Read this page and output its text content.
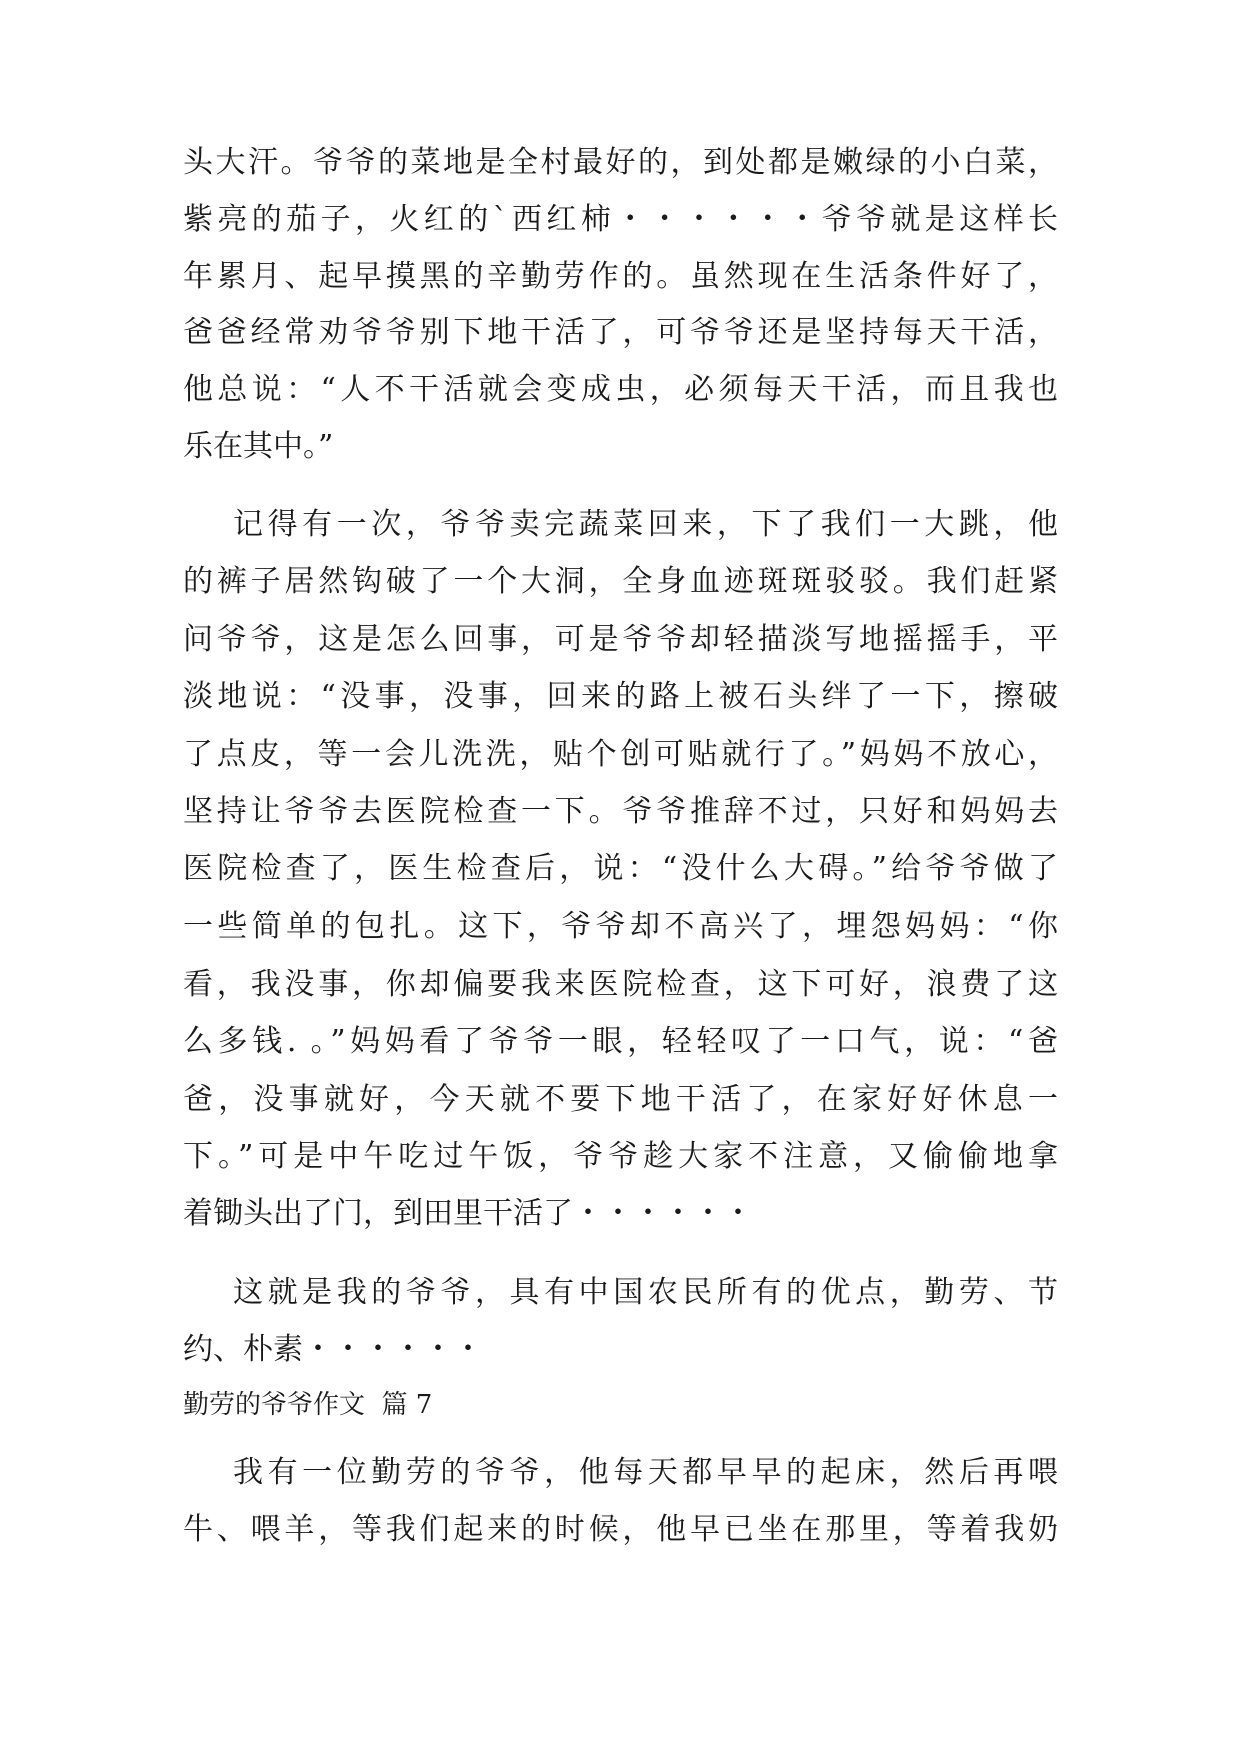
头大汗。爷爷的菜地是全村最好的，到处都是嫩绿的小白菜，
紫亮的茄子，火红的`西红柿・・・・・・爷爷就是这样长
年累月、起早摸黑的辛勤劳作的。虽然现在生活条件好了，
爸爸经常劝爷爷别下地干活了，可爷爷还是坚持每天干活，
他总说：“人不干活就会变成虫，必须每天干活，而且我也
乐在其中。”
记得有一次，爷爷卖完蔬菜回来，下了我们一大跳，他
的裤子居然钩破了一个大洞，全身血迹斑斑驳驳。我们赶紧
问爷爷，这是怎么回事，可是爷爷却轻描淡写地摇摇手，平
淡地说：“没事，没事，回来的路上被石头绊了一下，擦破
了点皮，等一会儿洗洗，贴个创可贴就行了。”妈妈不放心，
坚持让爷爷去医院检查一下。爷爷推辞不过，只好和妈妈去
医院检查了，医生检查后，说：“没什么大碍。”给爷爷做了
一些简单的包扎。这下，爷爷却不高兴了，埋怨妈妈：“你
看，我没事，你却偏要我来医院检查，这下可好，浪费了这
么多钱. 。”妈妈看了爷爷一眼，轻轻叹了一口气，说：“爸
爸，没事就好，今天就不要下地干活了，在家好好休息一
下。”可是中午吃过午饭，爷爷趁大家不注意，又偷偷地拿
着锄头出了门，到田里干活了・・・・・・
这就是我的爷爷，具有中国农民所有的优点，勤劳、节
约、朴素・・・・・・
勤劳的爷爷作文  篇 7
我有一位勤劳的爷爷，他每天都早早的起床，然后再喂
牛、喂羊，等我们起来的时候，他早已坐在那里，等着我奶
